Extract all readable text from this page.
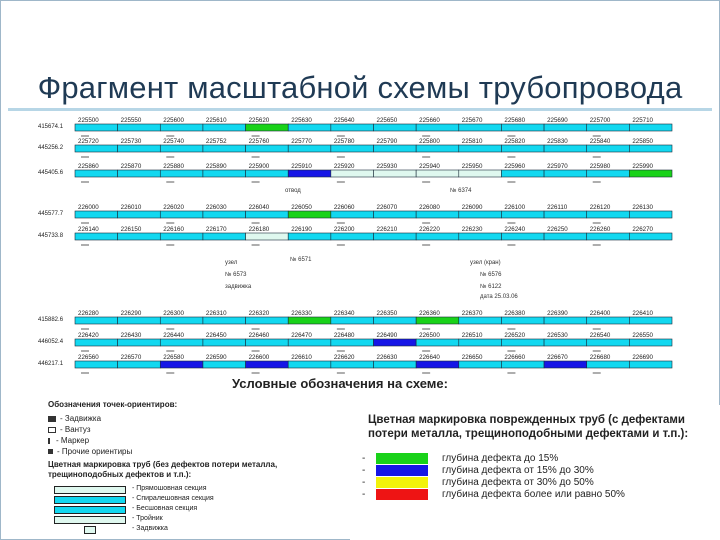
Фрагмент масштабной схемы трубопровода
415674.1
225500	225550	225600	225610	225620	225630	225640	225650	225660	225670	225680	225690	225700	225710
445256.2
225720	225730	225740	225752	225760	225770	225780	225790	225800	225810	225820	225830	225840	225850
445405.6
225860	225870	225880	225890	225900	225910	225920	225930	225940	225950	225960	225970	225980	225990
445577.7
226000	226010	226020	226030	226040	226050	226060	226070	226080	226090	226100	226110	226120	226130
445733.8
226140	226150	226160	226170	226180	226190	226200	226210	226220	226230	226240	226250	226260	226270
415882.6
226280	226290	226300	226310	226320	226330	226340	226350	226360	226370	226380	226390	226400	226410
446052.4
226420	226430	226440	226450	226460	226470	226480	226490	226500	226510	226520	226530	226540	226550
446217.1
226560	226570	226580	226590	226600	226610	226620	226630	226640	226650	226660	226670	226680	226690
отвод	№ 6374
№ 6571
узел
№ 6573
задвижка
узел (кран)
№ 6576
№ 6122
дата 25.03.06
Условные обозначения на схеме:
Обозначения точек-ориентиров:
- Задвижка
- Вантуз
- Маркер
- Прочие ориентиры
Цветная маркировка труб (без дефектов потери металла, трещиноподобных дефектов и т.п.):
- Прямошовная секция
- Спиралешовная секция
- Бесшовная секция
- Тройник
- Задвижка
Цветная маркировка поврежденных труб (с дефектами потери металла, трещиноподобными дефектами и т.п.):
-	глубина дефекта до 15%
-	глубина дефекта от 15% до 30%
-	глубина дефекта от 30% до 50%
-	глубина дефекта более или равно 50%
